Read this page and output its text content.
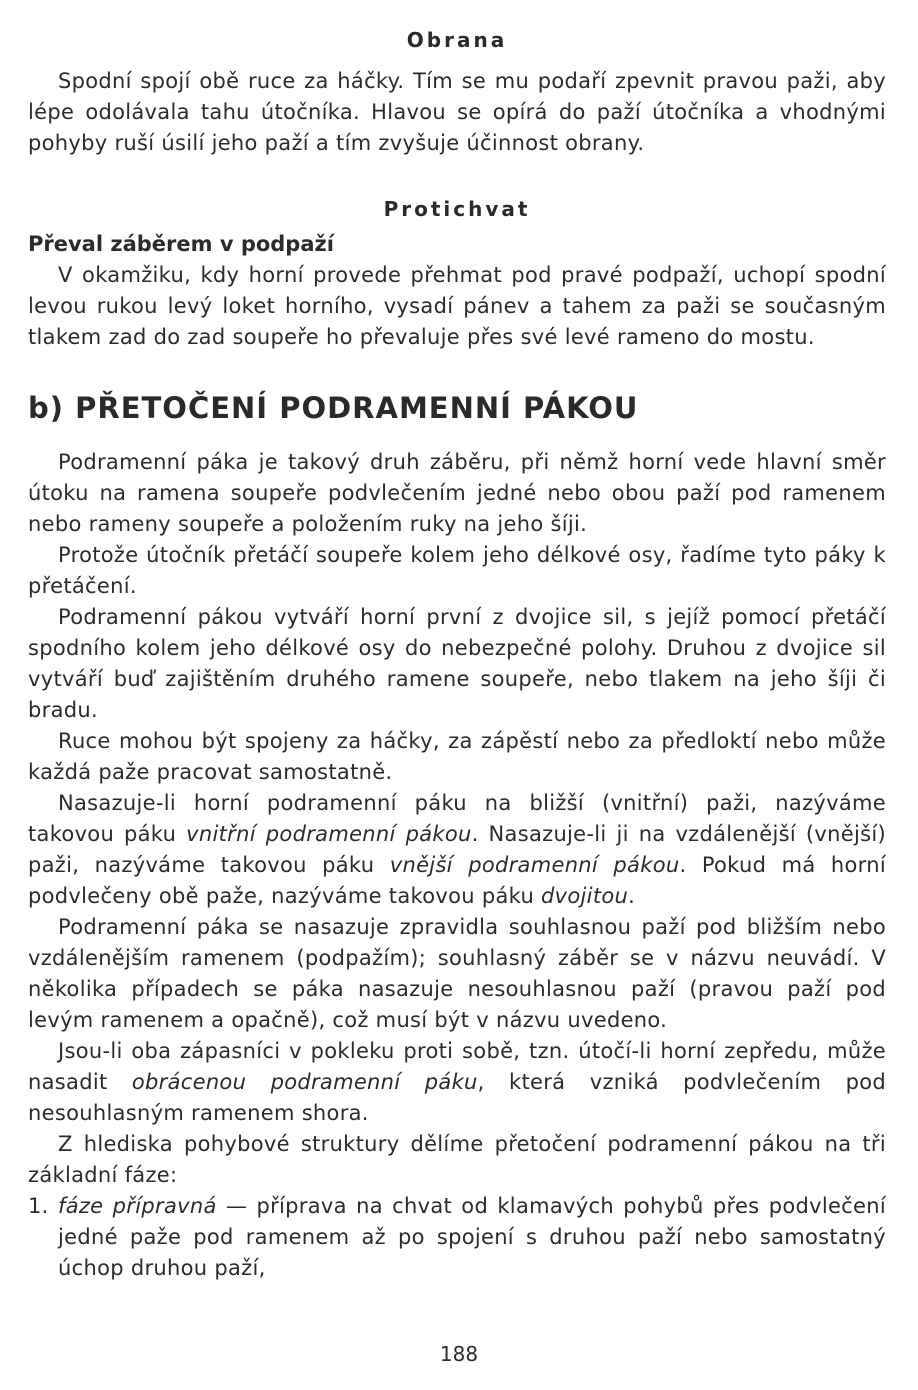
Obrana

Spodní spojí obě ruce za háčky. Tím se mu podaří zpevnit pravou paži, aby lépe odolávala tahu útočníka. Hlavou se opírá do paží útočníka a vhodnými pohyby ruší úsilí jeho paží a tím zvyšuje účinnost obrany.

Protichvat
Převal záběrem v podpaží

V okamžiku, kdy horní provede přehmat pod pravé podpaží, uchopí spodní levou rukou levý loket horního, vysadí pánev a tahem za paži se současným tlakem zad do zad soupeře ho převaluje přes své levé rameno do mostu.

b) PŘETOČENÍ PODRAMENNÍ PÁKOU

Podramenní páka je takový druh záběru, při němž horní vede hlavní směr útoku na ramena soupeře podvlečením jedné nebo obou paží pod ramenem nebo rameny soupeře a položením ruky na jeho šíji.

Protože útočník přetáčí soupeře kolem jeho délkové osy, řadíme tyto páky k přetáčení.

Podramenní pákou vytváří horní první z dvojice sil, s jejíž pomocí přetáčí spodního kolem jeho délkové osy do nebezpečné polohy. Druhou z dvojice sil vytváří buď zajištěním druhého ramene soupeře, nebo tlakem na jeho šíji či bradu.

Ruce mohou být spojeny za háčky, za zápěstí nebo za předloktí nebo může každá paže pracovat samostatně.

Nasazuje-li horní podramenní páku na bližší (vnitřní) paži, nazýváme takovou páku vnitřní podramenní pákou. Nasazuje-li ji na vzdálenější (vnější) paži, nazýváme takovou páku vnější podramenní pákou. Pokud má horní podvlečeny obě paže, nazýváme takovou páku dvojitou.

Podramenní páka se nasazuje zpravidla souhlasnou paží pod bližším nebo vzdálenějším ramenem (podpažím); souhlasný záběr se v názvu neuvádí. V několika případech se páka nasazuje nesouhlasnou paží (pravou paží pod levým ramenem a opačně), což musí být v názvu uvedeno.

Jsou-li oba zápasníci v pokleku proti sobě, tzn. útočí-li horní zepředu, může nasadit obrácenou podramenní páku, která vzniká podvlečením pod nesouhlasným ramenem shora.

Z hlediska pohybové struktury dělíme přetočení podramenní pákou na tři základní fáze:

1. fáze přípravná — příprava na chvat od klamavých pohybů přes podvlečení jedné paže pod ramenem až po spojení s druhou paží nebo samostatný úchop druhou paží,
188
